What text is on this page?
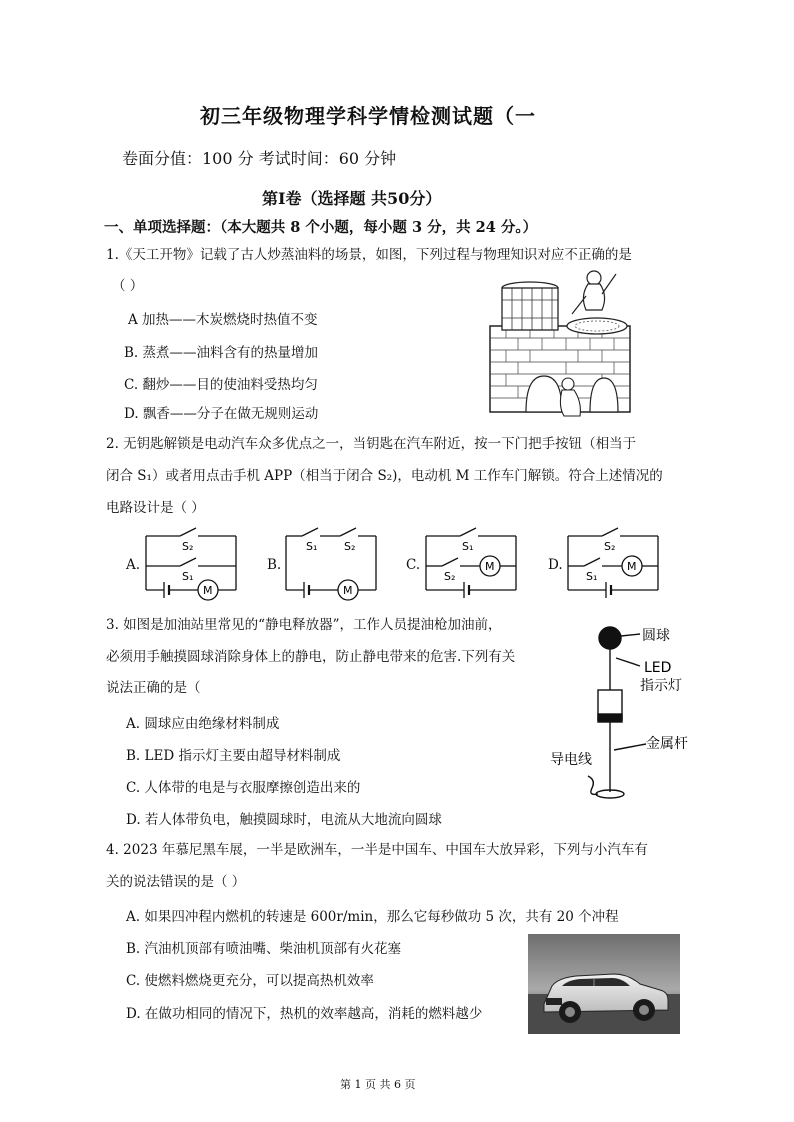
初三年级物理学科学情检测试题（一
卷面分值：100 分 考试时间：60 分钟
第Ⅰ卷（选择题 共50分）
一、单项选择题：（本大题共 8 个小题，每小题 3 分，共 24 分。）
1.《天工开物》记载了古人炒蒸油料的场景，如图，下列过程与物理知识对应不正确的是
（ ）
A 加热——木炭燃烧时热值不变
B. 蒸煮——油料含有的热量增加
C. 翻炒——目的使油料受热均匀
D. 飘香——分子在做无规则运动
2. 无钥匙解锁是电动汽车众多优点之一，当钥匙在汽车附近，按一下门把手按钮（相当于
闭合 S₁）或者用点击手机 APP（相当于闭合 S₂)，电动机 M 工作车门解锁。符合上述情况的
电路设计是（ ）
A.
S₂
S₁
M
B.
S₁ S₂
M
C.
S₁
S₂
M	D.
S₂
S₁
M
3. 如图是加油站里常见的“静电释放器”，工作人员提油枪加油前，
必须用手触摸圆球消除身体上的静电，防止静电带来的危害.下列有关
说法正确的是（
A. 圆球应由绝缘材料制成
B. LED 指示灯主要由超导材料制成
C. 人体带的电是与衣服摩擦创造出来的
D. 若人体带负电，触摸圆球时，电流从大地流向圆球
圆球
LED
指示灯
金属杆
导电线
4. 2023 年慕尼黑车展，一半是欧洲车，一半是中国车、中国车大放异彩，下列与小汽车有
关的说法错误的是（ ）
A. 如果四冲程内燃机的转速是 600r/min，那么它每秒做功 5 次，共有 20 个冲程
B. 汽油机顶部有喷油嘴、柴油机顶部有火花塞
C. 使燃料燃烧更充分，可以提高热机效率
D. 在做功相同的情况下，热机的效率越高，消耗的燃料越少
第 1 页 共 6 页
